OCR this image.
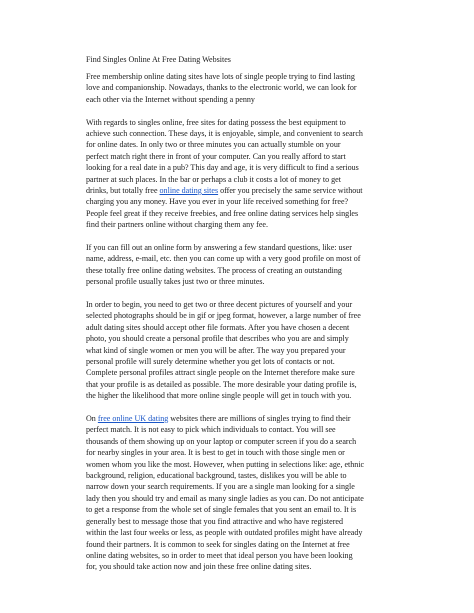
Find Singles Online At Free Dating Websites

Free membership online dating sites have lots of single people trying to find lasting
love and companionship. Nowadays, thanks to the electronic world, we can look for
each other via the Internet without spending a penny

With regards to singles online, free sites for dating possess the best equipment to
achieve such connection. These days, it is enjoyable, simple, and convenient to search
for online dates. In only two or three minutes you can actually stumble on your
perfect match right there in front of your computer. Can you really afford to start
looking for a real date in a pub? This day and age, it is very difficult to find a serious
partner at such places. In the bar or perhaps a club it costs a lot of money to get
drinks, but totally free online dating sites offer you precisely the same service without
charging you any money. Have you ever in your life received something for free?
People feel great if they receive freebies, and free online dating services help singles
find their partners online without charging them any fee.

If you can fill out an online form by answering a few standard questions, like: user
name, address, e-mail, etc. then you can come up with a very good profile on most of
these totally free online dating websites. The process of creating an outstanding
personal profile usually takes just two or three minutes.

In order to begin, you need to get two or three decent pictures of yourself and your
selected photographs should be in gif or jpeg format, however, a large number of free
adult dating sites should accept other file formats. After you have chosen a decent
photo, you should create a personal profile that describes who you are and simply
what kind of single women or men you will be after. The way you prepared your
personal profile will surely determine whether you get lots of contacts or not.
Complete personal profiles attract single people on the Internet therefore make sure
that your profile is as detailed as possible. The more desirable your dating profile is,
the higher the likelihood that more online single people will get in touch with you.

On free online UK dating websites there are millions of singles trying to find their
perfect match. It is not easy to pick which individuals to contact. You will see
thousands of them showing up on your laptop or computer screen if you do a search
for nearby singles in your area. It is best to get in touch with those single men or
women whom you like the most. However, when putting in selections like: age, ethnic
background, religion, educational background, tastes, dislikes you will be able to
narrow down your search requirements. If you are a single man looking for a single
lady then you should try and email as many single ladies as you can. Do not anticipate
to get a response from the whole set of single females that you sent an email to. It is
generally best to message those that you find attractive and who have registered
within the last four weeks or less, as people with outdated profiles might have already
found their partners. It is common to seek for singles dating on the Internet at free
online dating websites, so in order to meet that ideal person you have been looking
for, you should take action now and join these free online dating sites.
